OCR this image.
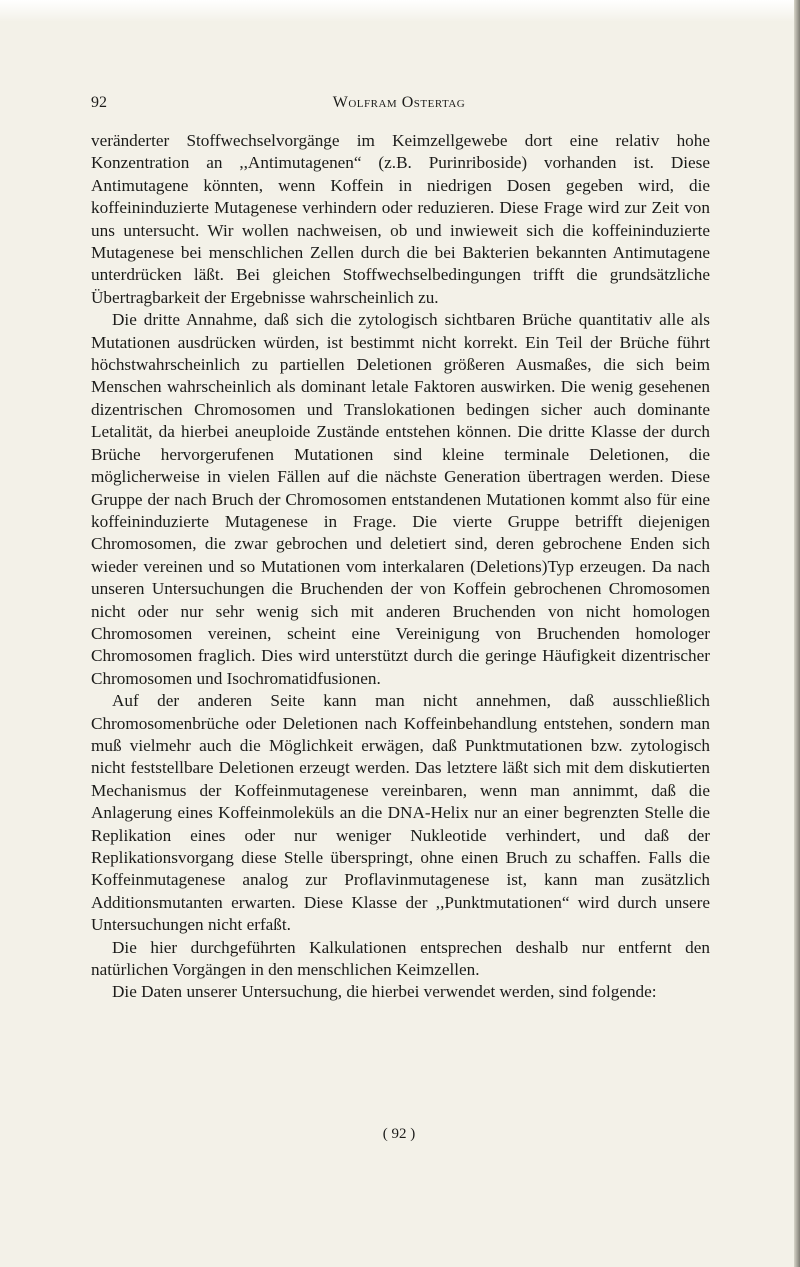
92	Wolfram Ostertag

veränderter Stoffwechselvorgänge im Keimzellgewebe dort eine relativ hohe Konzentration an ,,Antimutagenen“ (z.B. Purinriboside) vorhanden ist. Diese Antimutagene könnten, wenn Koffein in niedrigen Dosen gegeben wird, die koffeininduzierte Mutagenese verhindern oder reduzieren. Diese Frage wird zur Zeit von uns untersucht. Wir wollen nachweisen, ob und inwieweit sich die koffeininduzierte Mutagenese bei menschlichen Zellen durch die bei Bakterien bekannten Antimutagene unterdrücken läßt. Bei gleichen Stoffwechselbedingungen trifft die grundsätzliche Übertragbarkeit der Ergebnisse wahrscheinlich zu.

Die dritte Annahme, daß sich die zytologisch sichtbaren Brüche quantitativ alle als Mutationen ausdrücken würden, ist bestimmt nicht korrekt. Ein Teil der Brüche führt höchstwahrscheinlich zu partiellen Deletionen größeren Ausmaßes, die sich beim Menschen wahrscheinlich als dominant letale Faktoren auswirken. Die wenig gesehenen dizentrischen Chromosomen und Translokationen bedingen sicher auch dominante Letalität, da hierbei aneuploide Zustände entstehen können. Die dritte Klasse der durch Brüche hervorgerufenen Mutationen sind kleine terminale Deletionen, die möglicherweise in vielen Fällen auf die nächste Generation übertragen werden. Diese Gruppe der nach Bruch der Chromosomen entstandenen Mutationen kommt also für eine koffeininduzierte Mutagenese in Frage. Die vierte Gruppe betrifft diejenigen Chromosomen, die zwar gebrochen und deletiert sind, deren gebrochene Enden sich wieder vereinen und so Mutationen vom interkalaren (Deletions)Typ erzeugen. Da nach unseren Untersuchungen die Bruchenden der von Koffein gebrochenen Chromosomen nicht oder nur sehr wenig sich mit anderen Bruchenden von nicht homologen Chromosomen vereinen, scheint eine Vereinigung von Bruchenden homologer Chromosomen fraglich. Dies wird unterstützt durch die geringe Häufigkeit dizentrischer Chromosomen und Isochromatidfusionen.

Auf der anderen Seite kann man nicht annehmen, daß ausschließlich Chromosomenbrüche oder Deletionen nach Koffeinbehandlung entstehen, sondern man muß vielmehr auch die Möglichkeit erwägen, daß Punktmutationen bzw. zytologisch nicht feststellbare Deletionen erzeugt werden. Das letztere läßt sich mit dem diskutierten Mechanismus der Koffeinmutagenese vereinbaren, wenn man annimmt, daß die Anlagerung eines Koffeinmoleküls an die DNA-Helix nur an einer begrenzten Stelle die Replikation eines oder nur weniger Nukleotide verhindert, und daß der Replikationsvorgang diese Stelle überspringt, ohne einen Bruch zu schaffen. Falls die Koffeinmutagenese analog zur Proflavinmutagenese ist, kann man zusätzlich Additionsmutanten erwarten. Diese Klasse der ,,Punktmutationen“ wird durch unsere Untersuchungen nicht erfaßt.

Die hier durchgeführten Kalkulationen entsprechen deshalb nur entfernt den natürlichen Vorgängen in den menschlichen Keimzellen.

Die Daten unserer Untersuchung, die hierbei verwendet werden, sind folgende:

( 92 )
